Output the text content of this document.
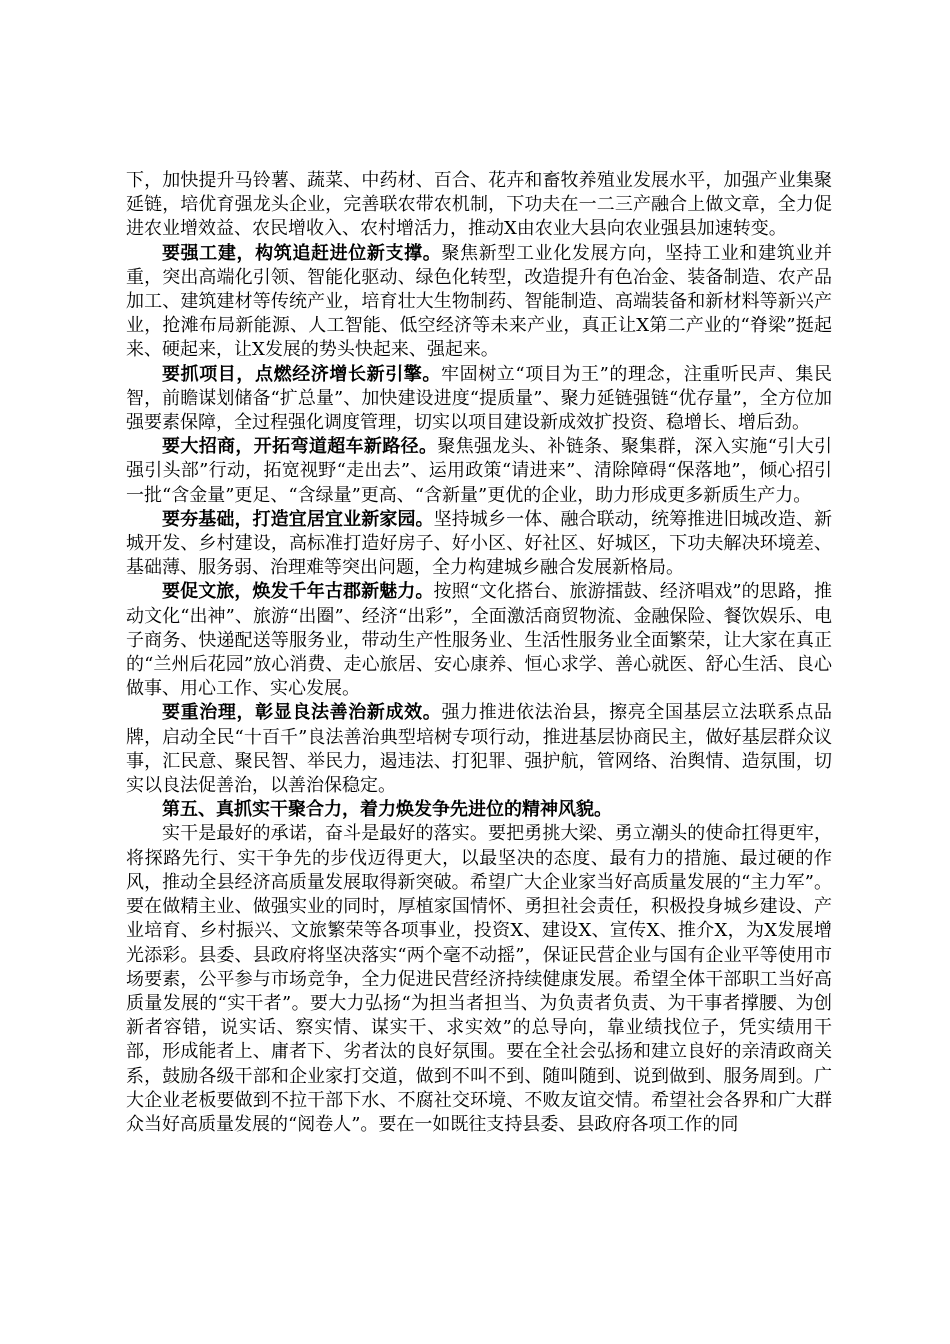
下，加快提升马铃薯、蔬菜、中药材、百合、花卉和畜牧养殖业发展水平，加强产业集聚延链，培优育强龙头企业，完善联农带农机制，下功夫在一二三产融合上做文章，全力促进农业增效益、农民增收入、农村增活力，推动X由农业大县向农业强县加速转变。

要强工建，构筑追赶进位新支撑。聚焦新型工业化发展方向，坚持工业和建筑业并重，突出高端化引领、智能化驱动、绿色化转型，改造提升有色冶金、装备制造、农产品加工、建筑建材等传统产业，培育壮大生物制药、智能制造、高端装备和新材料等新兴产业，抢滩布局新能源、人工智能、低空经济等未来产业，真正让X第二产业的“脊梁”挺起来、硬起来，让X发展的势头快起来、强起来。

要抓项目，点燃经济增长新引擎。牢固树立“项目为王”的理念，注重听民声、集民智，前瞻谋划储备“扩总量”、加快建设进度“提质量”、聚力延链强链“优存量”，全方位加强要素保障，全过程强化调度管理，切实以项目建设新成效扩投资、稳增长、增后劲。

要大招商，开拓弯道超车新路径。聚焦强龙头、补链条、聚集群，深入实施“引大引强引头部”行动，拓宽视野“走出去”、运用政策“请进来”、清除障碍“保落地”，倾心招引一批“含金量”更足、“含绿量”更高、“含新量”更优的企业，助力形成更多新质生产力。

要夯基础，打造宜居宜业新家园。坚持城乡一体、融合联动，统筹推进旧城改造、新城开发、乡村建设，高标准打造好房子、好小区、好社区、好城区，下功夫解决环境差、基础薄、服务弱、治理难等突出问题，全力构建城乡融合发展新格局。

要促文旅，焕发千年古郡新魅力。按照“文化搭台、旅游擂鼓、经济唱戏”的思路，推动文化“出神”、旅游“出圈”、经济“出彩”，全面激活商贸物流、金融保险、餐饮娱乐、电子商务、快递配送等服务业，带动生产性服务业、生活性服务业全面繁荣，让大家在真正的“兰州后花园”放心消费、走心旅居、安心康养、恒心求学、善心就医、舒心生活、良心做事、用心工作、实心发展。

要重治理，彰显良法善治新成效。强力推进依法治县，擦亮全国基层立法联系点品牌，启动全民“十百千”良法善治典型培树专项行动，推进基层协商民主，做好基层群众议事，汇民意、聚民智、举民力，遏违法、打犯罪、强护航，管网络、治舆情、造氛围，切实以良法促善治，以善治保稳定。

第五、真抓实干聚合力，着力焕发争先进位的精神风貌。

实干是最好的承诺，奋斗是最好的落实。要把勇挑大梁、勇立潮头的使命扛得更牢，将探路先行、实干争先的步伐迈得更大，以最坚决的态度、最有力的措施、最过硬的作风，推动全县经济高质量发展取得新突破。希望广大企业家当好高质量发展的“主力军”。要在做精主业、做强实业的同时，厚植家国情怀、勇担社会责任，积极投身城乡建设、产业培育、乡村振兴、文旅繁荣等各项事业，投资X、建设X、宣传X、推介X，为X发展增光添彩。县委、县政府将坚决落实“两个毫不动摇”，保证民营企业与国有企业平等使用市场要素，公平参与市场竞争，全力促进民营经济持续健康发展。希望全体干部职工当好高质量发展的“实干者”。要大力弘扬“为担当者担当、为负责者负责、为干事者撑腰、为创新者容错，说实话、察实情、谋实干、求实效”的总导向，靠业绩找位子，凭实绩用干部，形成能者上、庸者下、劣者汰的良好氛围。要在全社会弘扬和建立良好的亲清政商关系，鼓励各级干部和企业家打交道，做到不叫不到、随叫随到、说到做到、服务周到。广大企业老板要做到不拉干部下水、不腐社交环境、不败友谊交情。希望社会各界和广大群众当好高质量发展的“阅卷人”。要在一如既往支持县委、县政府各项工作的同
